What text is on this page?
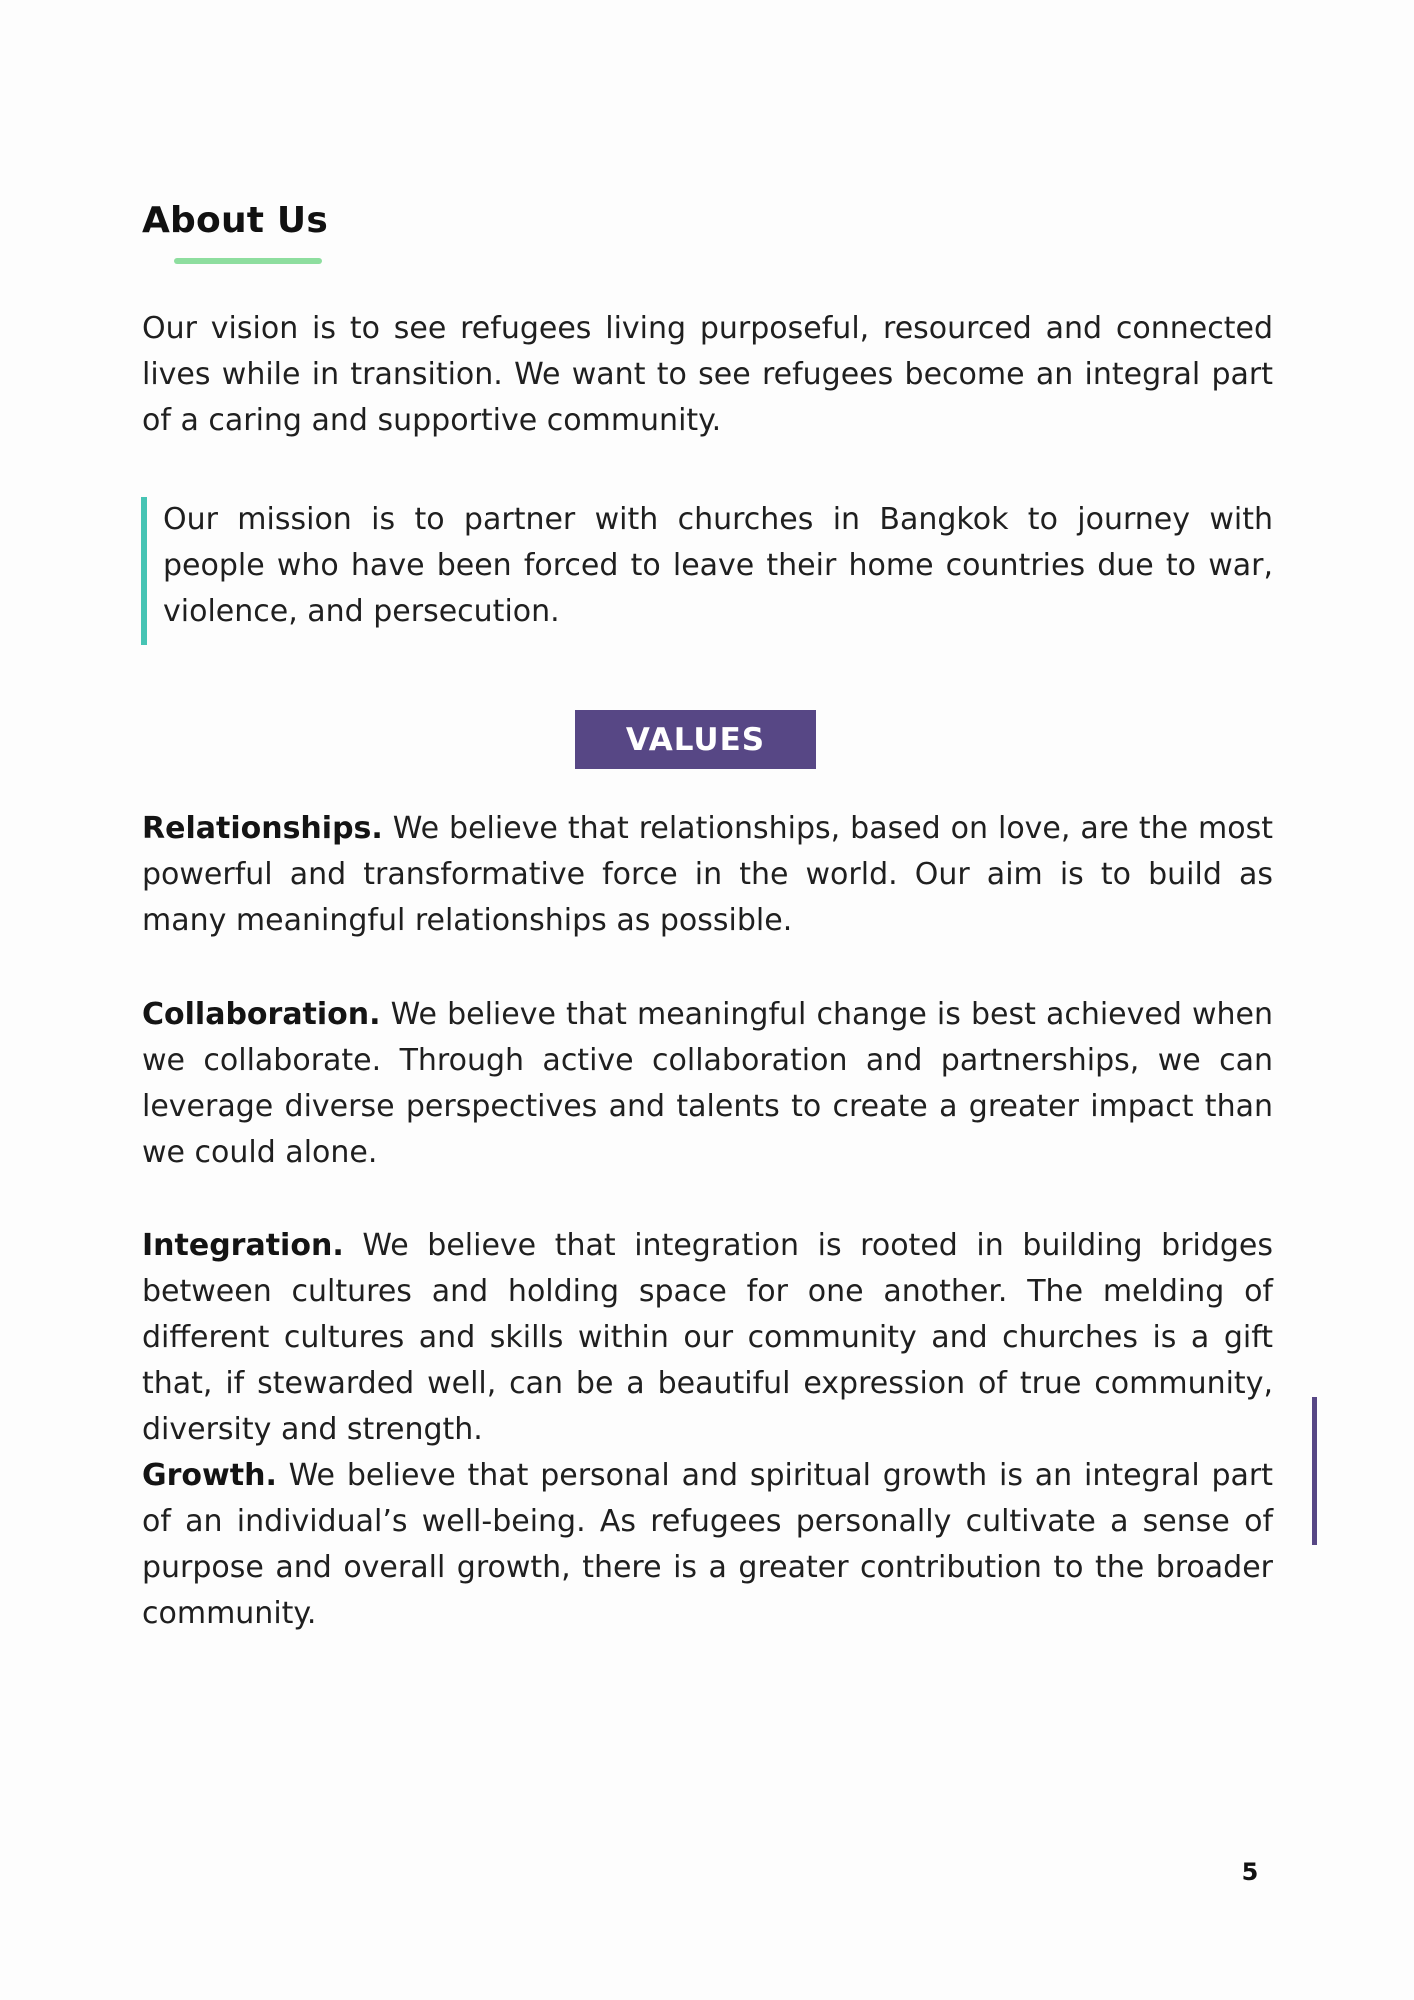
About Us

Our vision is to see refugees living purposeful, resourced and connected lives while in transition. We want to see refugees become an integral part of a caring and supportive community.

Our mission is to partner with churches in Bangkok to journey with people who have been forced to leave their home countries due to war, violence, and persecution.

VALUES

Relationships. We believe that relationships, based on love, are the most powerful and transformative force in the world. Our aim is to build as many meaningful relationships as possible.

Collaboration. We believe that meaningful change is best achieved when we collaborate. Through active collaboration and partnerships, we can leverage diverse perspectives and talents to create a greater impact than we could alone.

Integration. We believe that integration is rooted in building bridges between cultures and holding space for one another. The melding of different cultures and skills within our community and churches is a gift that, if stewarded well, can be a beautiful expression of true community, diversity and strength.

Growth. We believe that personal and spiritual growth is an integral part of an individual’s well-being. As refugees personally cultivate a sense of purpose and overall growth, there is a greater contribution to the broader community.

5
